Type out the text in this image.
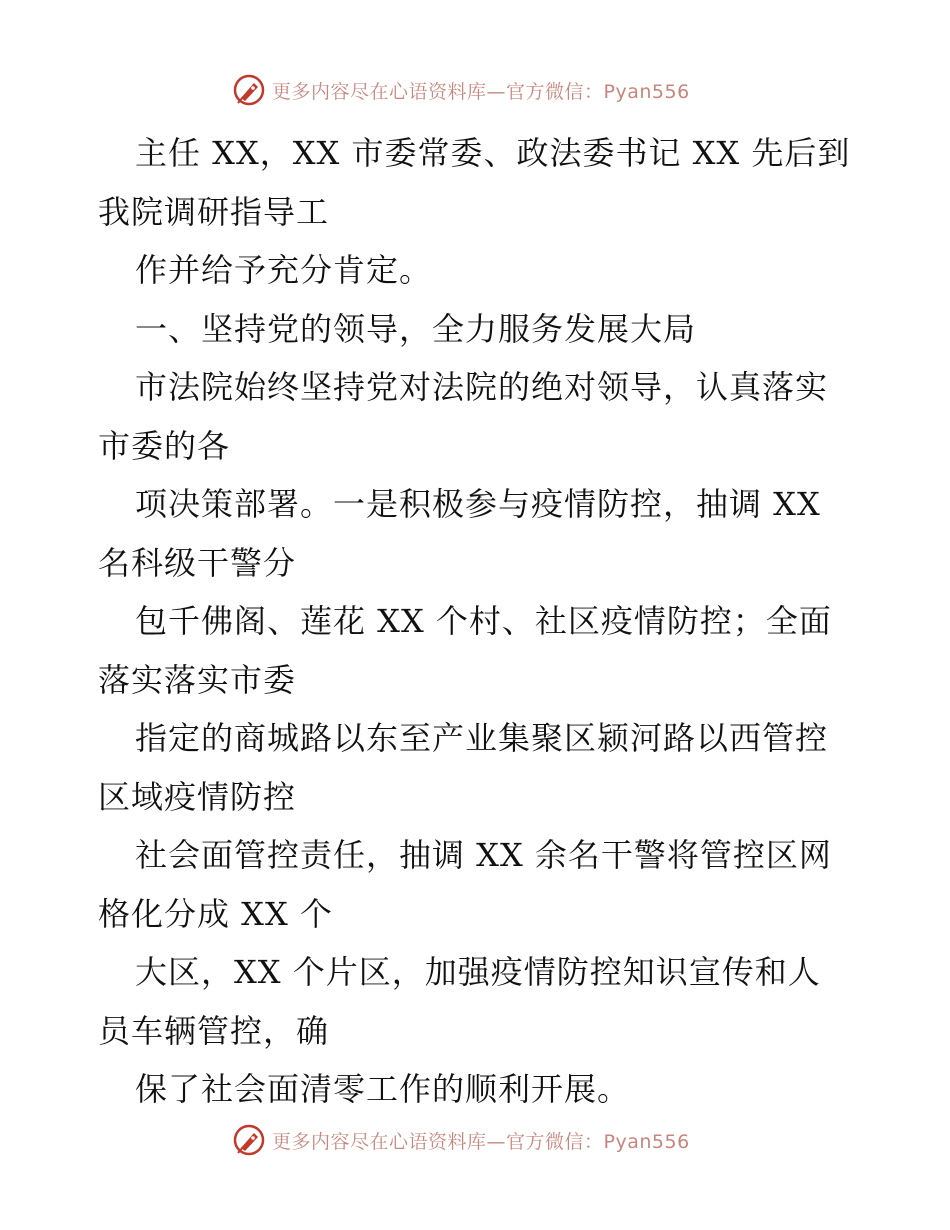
更多内容尽在心语资料库—官方微信：Pyan556
主任 XX，XX 市委常委、政法委书记 XX 先后到
我院调研指导工
作并给予充分肯定。
一、坚持党的领导，全力服务发展大局
市法院始终坚持党对法院的绝对领导，认真落实
市委的各
项决策部署。一是积极参与疫情防控，抽调 XX
名科级干警分
包千佛阁、莲花 XX 个村、社区疫情防控；全面
落实落实市委
指定的商城路以东至产业集聚区颍河路以西管控
区域疫情防控
社会面管控责任，抽调 XX 余名干警将管控区网
格化分成 XX 个
大区，XX 个片区，加强疫情防控知识宣传和人
员车辆管控，确
保了社会面清零工作的顺利开展。
更多内容尽在心语资料库—官方微信：Pyan556
